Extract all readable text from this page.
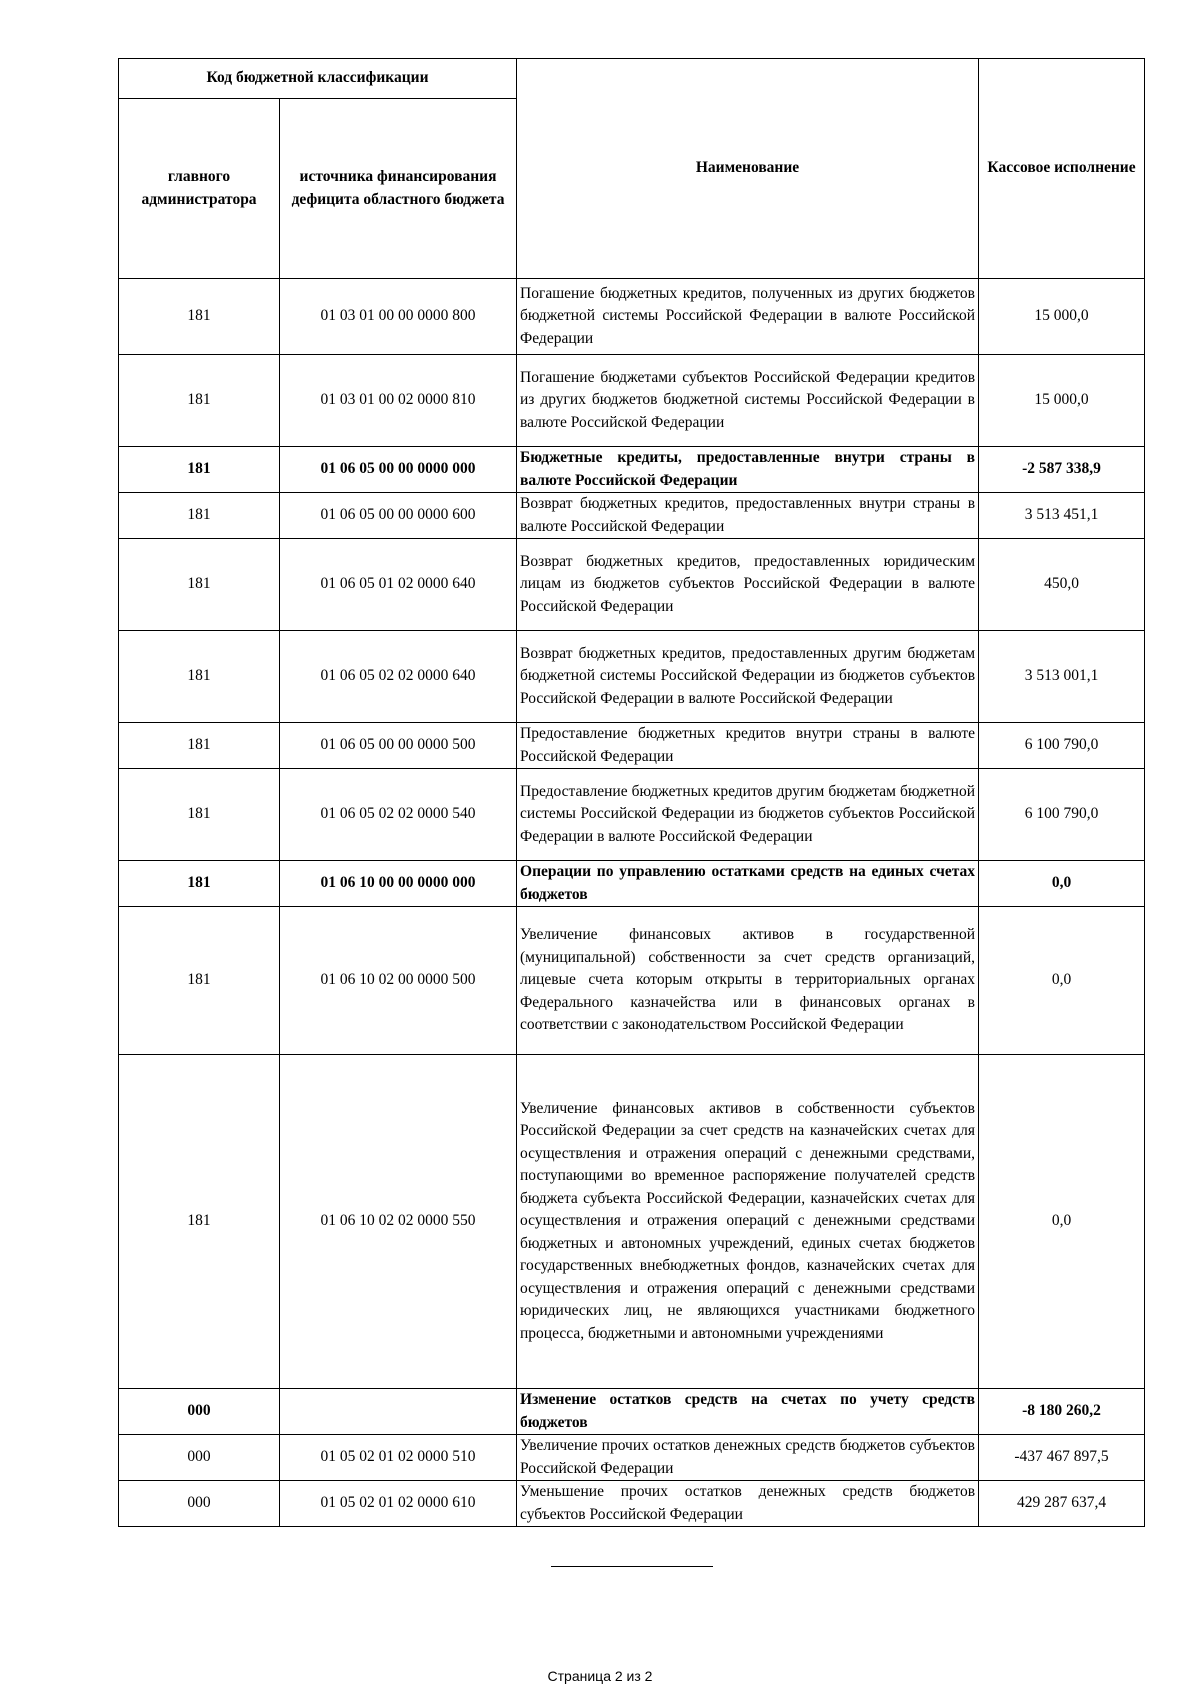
Код бюджетной классификации		Наименование	Кассовое исполнение
главного администратора	источника финансирования дефицита областного бюджета		
181	01 03 01 00 00 0000 800	Погашение бюджетных кредитов, полученных из других бюджетов бюджетной системы Российской Федерации в валюте Российской Федерации	15 000,0
181	01 03 01 00 02 0000 810	Погашение бюджетами субъектов Российской Федерации кредитов из других бюджетов бюджетной системы Российской Федерации в валюте Российской Федерации	15 000,0
181	01 06 05 00 00 0000 000	Бюджетные кредиты, предоставленные внутри страны в валюте Российской Федерации	-2 587 338,9
181	01 06 05 00 00 0000 600	Возврат бюджетных кредитов, предоставленных внутри страны в валюте Российской Федерации	3 513 451,1
181	01 06 05 01 02 0000 640	Возврат бюджетных кредитов, предоставленных юридическим лицам из бюджетов субъектов Российской Федерации в валюте Российской Федерации	450,0
181	01 06 05 02 02 0000 640	Возврат бюджетных кредитов, предоставленных другим бюджетам бюджетной системы Российской Федерации из бюджетов субъектов Российской Федерации в валюте Российской Федерации	3 513 001,1
181	01 06 05 00 00 0000 500	Предоставление бюджетных кредитов внутри страны в валюте Российской Федерации	6 100 790,0
181	01 06 05 02 02 0000 540	Предоставление бюджетных кредитов другим бюджетам бюджетной системы Российской Федерации из бюджетов субъектов Российской Федерации в валюте Российской Федерации	6 100 790,0
181	01 06 10 00 00 0000 000	Операции по управлению остатками средств на единых счетах бюджетов	0,0
181	01 06 10 02 00 0000 500	Увеличение финансовых активов в государственной (муниципальной) собственности за счет средств организаций, лицевые счета которым открыты в территориальных органах Федерального казначейства или в финансовых органах в соответствии с законодательством Российской Федерации	0,0
181	01 06 10 02 02 0000 550	Увеличение финансовых активов в собственности субъектов Российской Федерации за счет средств на казначейских счетах для осуществления и отражения операций с денежными средствами, поступающими во временное распоряжение получателей средств бюджета субъекта Российской Федерации, казначейских счетах для осуществления и отражения операций с денежными средствами бюджетных и автономных учреждений, единых счетах бюджетов государственных внебюджетных фондов, казначейских счетах для осуществления и отражения операций с денежными средствами юридических лиц, не являющихся участниками бюджетного процесса, бюджетными и автономными учреждениями	0,0
000		Изменение остатков средств на счетах по учету средств бюджетов	-8 180 260,2
000	01 05 02 01 02 0000 510	Увеличение прочих остатков денежных средств бюджетов субъектов Российской Федерации	-437 467 897,5
000	01 05 02 01 02 0000 610	Уменьшение прочих остатков денежных средств бюджетов субъектов Российской Федерации	429 287 637,4
Страница 2 из 2
